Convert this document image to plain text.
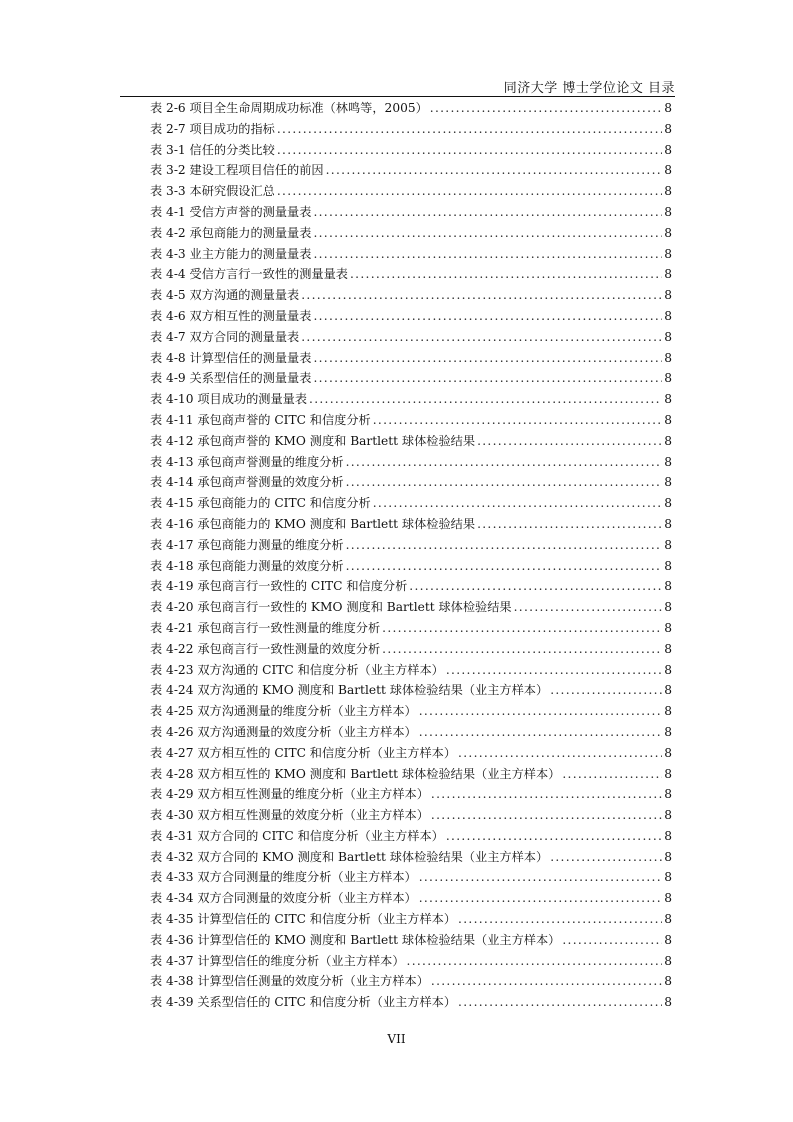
同济大学 博士学位论文 目录
表 2-6 项目全生命周期成功标准（林鸣等，2005） .....	8
表 2-7 项目成功的指标 .....	8
表 3-1 信任的分类比较 .....	8
表 3-2 建设工程项目信任的前因 .....	8
表 3-3 本研究假设汇总 .....	8
表 4-1 受信方声誉的测量量表 .....	8
表 4-2 承包商能力的测量量表 .....	8
表 4-3 业主方能力的测量量表 .....	8
表 4-4 受信方言行一致性的测量量表 .....	8
表 4-5 双方沟通的测量量表 .....	8
表 4-6 双方相互性的测量量表 .....	8
表 4-7 双方合同的测量量表 .....	8
表 4-8 计算型信任的测量量表 .....	8
表 4-9 关系型信任的测量量表 .....	8
表 4-10 项目成功的测量量表 .....	8
表 4-11 承包商声誉的 CITC 和信度分析 .....	8
表 4-12 承包商声誉的 KMO 测度和 Bartlett 球体检验结果 .....	8
表 4-13 承包商声誉测量的维度分析 .....	8
表 4-14 承包商声誉测量的效度分析 .....	8
表 4-15 承包商能力的 CITC 和信度分析 .....	8
表 4-16 承包商能力的 KMO 测度和 Bartlett 球体检验结果 .....	8
表 4-17 承包商能力测量的维度分析 .....	8
表 4-18 承包商能力测量的效度分析 .....	8
表 4-19 承包商言行一致性的 CITC 和信度分析 .....	8
表 4-20 承包商言行一致性的 KMO 测度和 Bartlett 球体检验结果 .....	8
表 4-21 承包商言行一致性测量的维度分析 .....	8
表 4-22 承包商言行一致性测量的效度分析 .....	8
表 4-23 双方沟通的 CITC 和信度分析（业主方样本） .....	8
表 4-24 双方沟通的 KMO 测度和 Bartlett 球体检验结果（业主方样本） .....	8
表 4-25 双方沟通测量的维度分析（业主方样本） .....	8
表 4-26 双方沟通测量的效度分析（业主方样本） .....	8
表 4-27 双方相互性的 CITC 和信度分析（业主方样本） .....	8
表 4-28 双方相互性的 KMO 测度和 Bartlett 球体检验结果（业主方样本） .....	8
表 4-29 双方相互性测量的维度分析（业主方样本） .....	8
表 4-30 双方相互性测量的效度分析（业主方样本） .....	8
表 4-31 双方合同的 CITC 和信度分析（业主方样本） .....	8
表 4-32 双方合同的 KMO 测度和 Bartlett 球体检验结果（业主方样本） .....	8
表 4-33 双方合同测量的维度分析（业主方样本） .....	8
表 4-34 双方合同测量的效度分析（业主方样本） .....	8
表 4-35 计算型信任的 CITC 和信度分析（业主方样本） .....	8
表 4-36 计算型信任的 KMO 测度和 Bartlett 球体检验结果（业主方样本） .....	8
表 4-37 计算型信任的维度分析（业主方样本） .....	8
表 4-38 计算型信任测量的效度分析（业主方样本） .....	8
表 4-39 关系型信任的 CITC 和信度分析（业主方样本） .....	8
VII
